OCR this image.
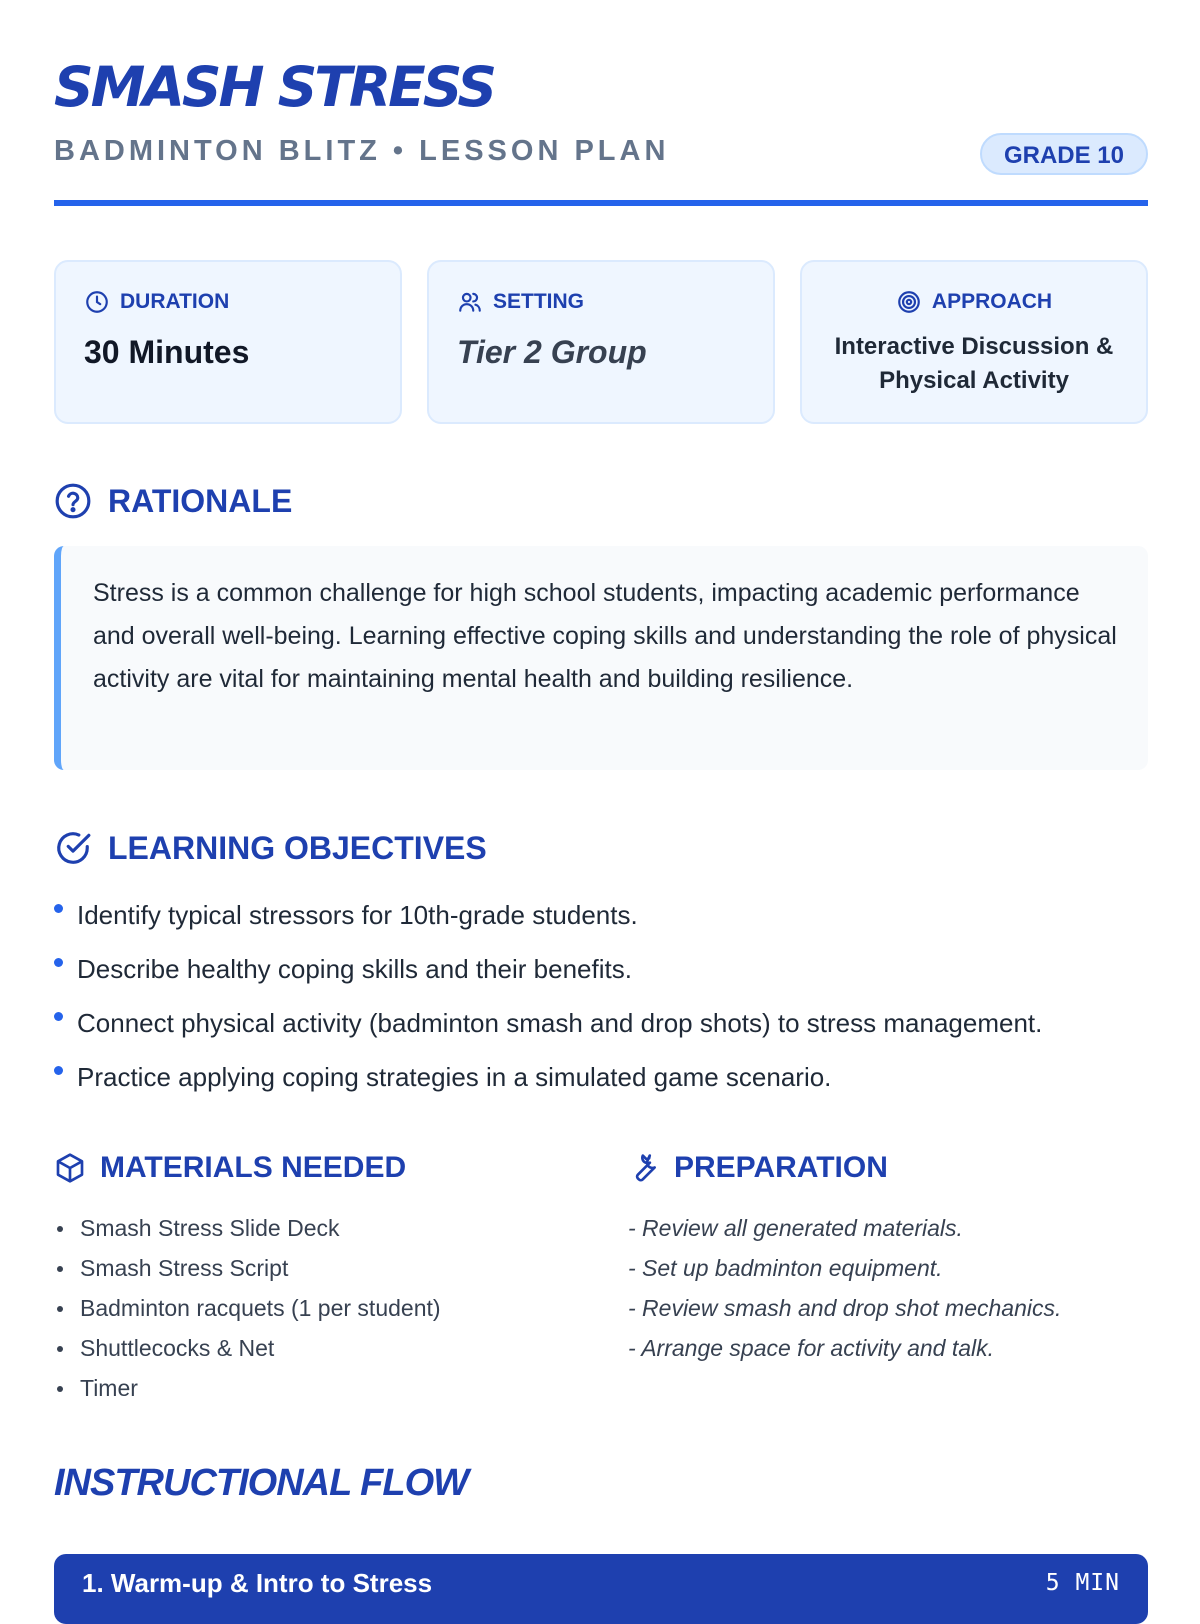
SMASH STRESS
BADMINTON BLITZ • LESSON PLAN	GRADE 10
DURATION
30 Minutes
SETTING
Tier 2 Group
APPROACH
Interactive Discussion &
Physical Activity
RATIONALE
Stress is a common challenge for high school students, impacting academic performance and overall well-being. Learning effective coping skills and understanding the role of physical activity are vital for maintaining mental health and building resilience.
LEARNING OBJECTIVES
Identify typical stressors for 10th-grade students.
Describe healthy coping skills and their benefits.
Connect physical activity (badminton smash and drop shots) to stress management.
Practice applying coping strategies in a simulated game scenario.
MATERIALS NEEDED
Smash Stress Slide Deck
Smash Stress Script
Badminton racquets (1 per student)
Shuttlecocks & Net
Timer
PREPARATION
- Review all generated materials.
- Set up badminton equipment.
- Review smash and drop shot mechanics.
- Arrange space for activity and talk.
INSTRUCTIONAL FLOW
1. Warm-up & Intro to Stress	5 MIN
